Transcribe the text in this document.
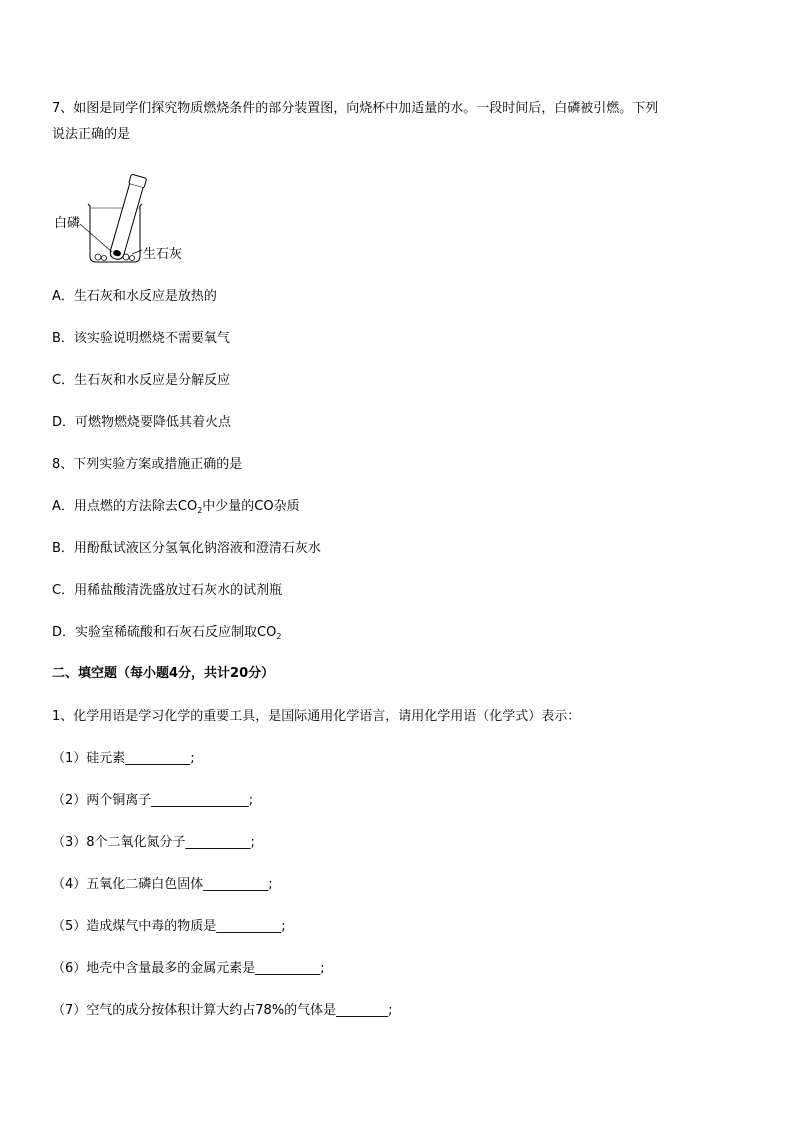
7、如图是同学们探究物质燃烧条件的部分装置图，向烧杯中加适量的水。一段时间后，白磷被引燃。下列
说法正确的是
白磷
生石灰
A．生石灰和水反应是放热的
B．该实验说明燃烧不需要氧气
C．生石灰和水反应是分解反应
D．可燃物燃烧要降低其着火点
8、下列实验方案或措施正确的是
A．用点燃的方法除去$CO_2$中少量的CO杂质
B．用酚酞试液区分氢氧化钠溶液和澄清石灰水
C．用稀盐酸清洗盛放过石灰水的试剂瓶
D．实验室稀硫酸和石灰石反应制取$CO_2$
二、填空题（每小题4分，共计20分）
1、化学用语是学习化学的重要工具，是国际通用化学语言，请用化学用语（化学式）表示：
（1）硅元素__________;
（2）两个铜离子_______________;
（3）8个二氧化氮分子__________;
（4）五氧化二磷白色固体__________;
（5）造成煤气中毒的物质是__________;
（6）地壳中含量最多的金属元素是__________;
（7）空气的成分按体积计算大约占78%的气体是________;
